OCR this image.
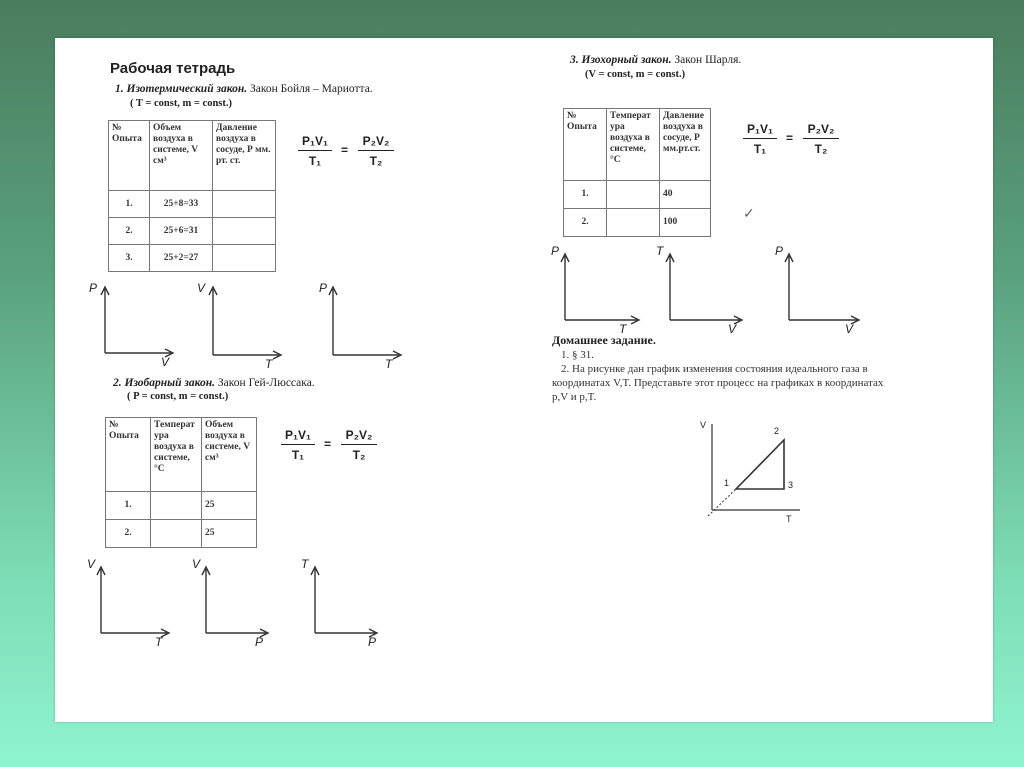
Рабочая тетрадь
1. Изотермический закон. Закон Бойля – Мариотта.
( T = const, m = const.)
№ Опыта	Объем воздуха в системе, V см³	Давление воздуха в сосуде, Р мм. рт. ст.
1.	25+8=33	
2.	25+6=31	
3.	25+2=27	
$\frac{\text{P₁V₁}}{\text{T₁}} = \frac{\text{P₂V₂}}{\text{T₂}}$
P
V
V
T
P
T
2. Изобарный закон. Закон Гей-Люссака.
( P = const, m = const.)
№ Опыта	Температ ура воздуха в системе, °С	Объем воздуха в системе, V см³
1.		25
2.		25
$\frac{\text{P₁V₁}}{\text{T₁}} = \frac{\text{P₂V₂}}{\text{T₂}}$
V
T
V
P
T
P
3. Изохорный закон. Закон Шарля.
(V = const, m = const.)
№ Опыта	Температ ура воздуха в системе, °С	Давление воздуха в сосуде, Р мм.рт.ст.
1.		40
2.		100	✓
$\frac{\text{P₁V₁}}{\text{T₁}} = \frac{\text{P₂V₂}}{\text{T₂}}$
P
T
T
V
P
V
Домашнее задание.
1. § 31.
2. На рисунке дан график изменения состояния идеального газа в
координатах V,T. Представьте этот процесс на графиках в координатах
p,V и p,T.
V
T
1
2
3
